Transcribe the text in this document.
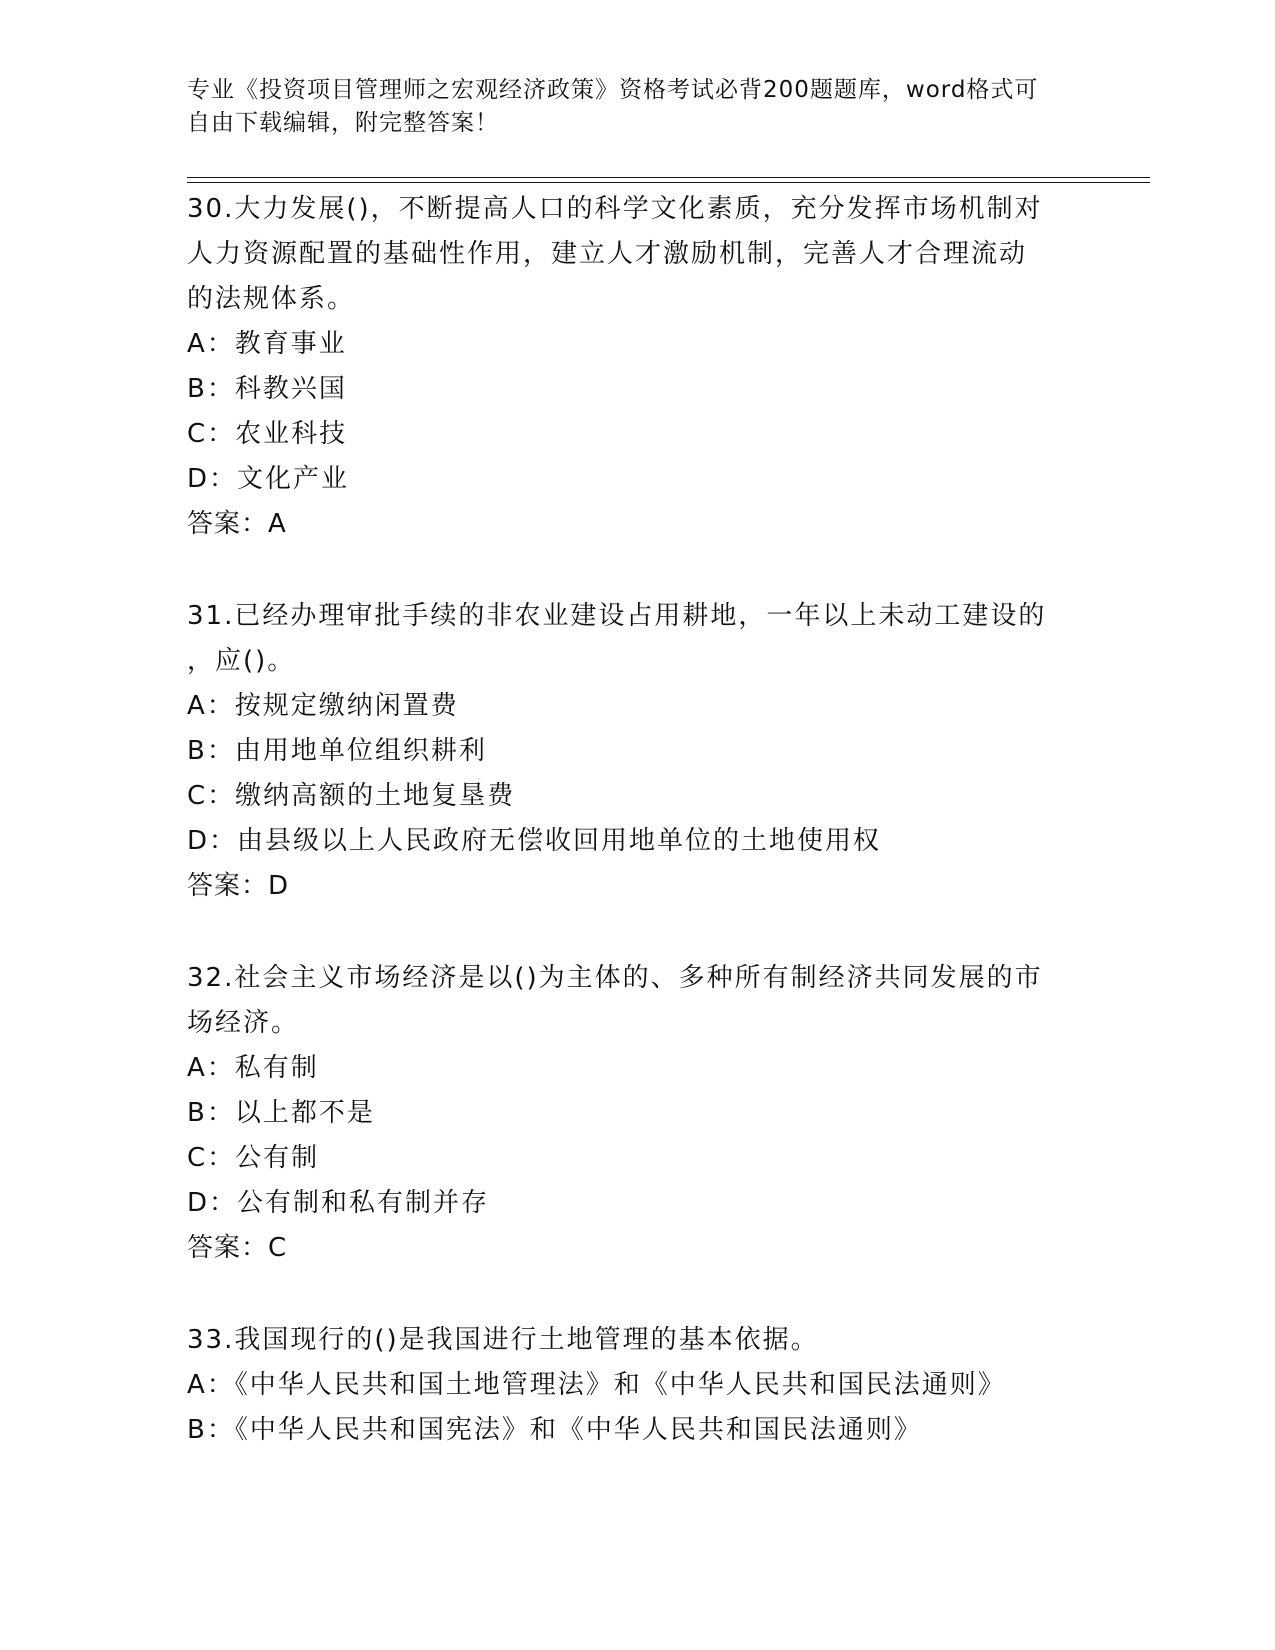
专业《投资项目管理师之宏观经济政策》资格考试必背200题题库，word格式可
自由下载编辑，附完整答案！
30.大力发展()，不断提高人口的科学文化素质，充分发挥市场机制对
人力资源配置的基础性作用，建立人才激励机制，完善人才合理流动
的法规体系。
A：教育事业
B：科教兴国
C：农业科技
D：文化产业
答案：A
31.已经办理审批手续的非农业建设占用耕地，一年以上未动工建设的
，应()。
A：按规定缴纳闲置费
B：由用地单位组织耕利
C：缴纳高额的土地复垦费
D：由县级以上人民政府无偿收回用地单位的土地使用权
答案：D
32.社会主义市场经济是以()为主体的、多种所有制经济共同发展的市
场经济。
A：私有制
B：以上都不是
C：公有制
D：公有制和私有制并存
答案：C
33.我国现行的()是我国进行土地管理的基本依据。
A：《中华人民共和国土地管理法》和《中华人民共和国民法通则》
B：《中华人民共和国宪法》和《中华人民共和国民法通则》
